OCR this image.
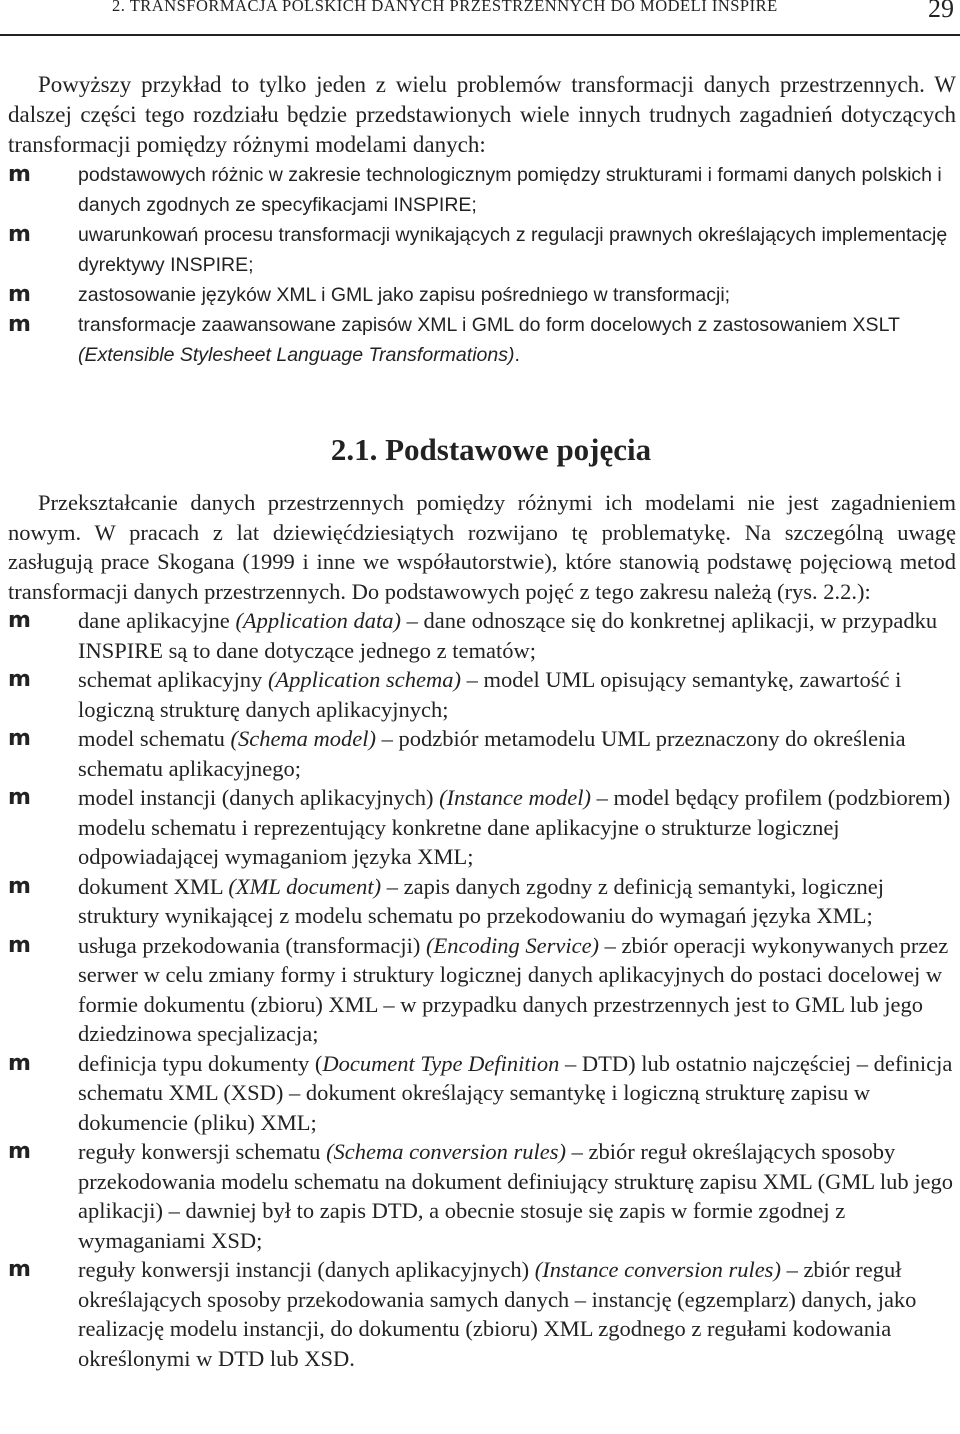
2. TRANSFORMACJA POLSKICH DANYCH PRZESTRZENNYCH DO MODELI INSPIRE	29

Powyższy przykład to tylko jeden z wielu problemów transformacji danych przestrzennych. W dalszej części tego rozdziału będzie przedstawionych wiele innych trudnych zagadnień dotyczących transformacji pomiędzy różnymi modelami danych:

m podstawowych różnic w zakresie technologicznym pomiędzy strukturami i formami danych polskich i danych zgodnych ze specyfikacjami INSPIRE;
m uwarunkowań procesu transformacji wynikających z regulacji prawnych określających implementację dyrektywy INSPIRE;
m zastosowanie języków XML i GML jako zapisu pośredniego w transformacji;
m transformacje zaawansowane zapisów XML i GML do form docelowych z zastosowaniem XSLT (Extensible Stylesheet Language Transformations).
2.1. Podstawowe pojęcia

Przekształcanie danych przestrzennych pomiędzy różnymi ich modelami nie jest zagadnieniem nowym. W pracach z lat dziewięćdziesiątych rozwijano tę problematykę. Na szczególną uwagę zasługują prace Skogana (1999 i inne we współautorstwie), które stanowią podstawę pojęciową metod transformacji danych przestrzennych. Do podstawowych pojęć z tego zakresu należą (rys. 2.2.):

m dane aplikacyjne (Application data) – dane odnoszące się do konkretnej aplikacji, w przypadku INSPIRE są to dane dotyczące jednego z tematów;
m schemat aplikacyjny (Application schema) – model UML opisujący semantykę, zawartość i logiczną strukturę danych aplikacyjnych;
m model schematu (Schema model) – podzbiór metamodelu UML przeznaczony do określenia schematu aplikacyjnego;
m model instancji (danych aplikacyjnych) (Instance model) – model będący profilem (podzbiorem) modelu schematu i reprezentujący konkretne dane aplikacyjne o strukturze logicznej odpowiadającej wymaganiom języka XML;
m dokument XML (XML document) – zapis danych zgodny z definicją semantyki, logicznej struktury wynikającej z modelu schematu po przekodowaniu do wymagań języka XML;
m usługa przekodowania (transformacji) (Encoding Service) – zbiór operacji wykonywanych przez serwer w celu zmiany formy i struktury logicznej danych aplikacyjnych do postaci docelowej w formie dokumentu (zbioru) XML – w przypadku danych przestrzennych jest to GML lub jego dziedzinowa specjalizacja;
m definicja typu dokumenty (Document Type Definition – DTD) lub ostatnio najczęściej – definicja schematu XML (XSD) – dokument określający semantykę i logiczną strukturę zapisu w dokumencie (pliku) XML;
m reguły konwersji schematu (Schema conversion rules) – zbiór reguł określających sposoby przekodowania modelu schematu na dokument definiujący strukturę zapisu XML (GML lub jego aplikacji) – dawniej był to zapis DTD, a obecnie stosuje się zapis w formie zgodnej z wymaganiami XSD;
m reguły konwersji instancji (danych aplikacyjnych) (Instance conversion rules) – zbiór reguł określających sposoby przekodowania samych danych – instancję (egzemplarz) danych, jako realizację modelu instancji, do dokumentu (zbioru) XML zgodnego z regułami kodowania określonymi w DTD lub XSD.
